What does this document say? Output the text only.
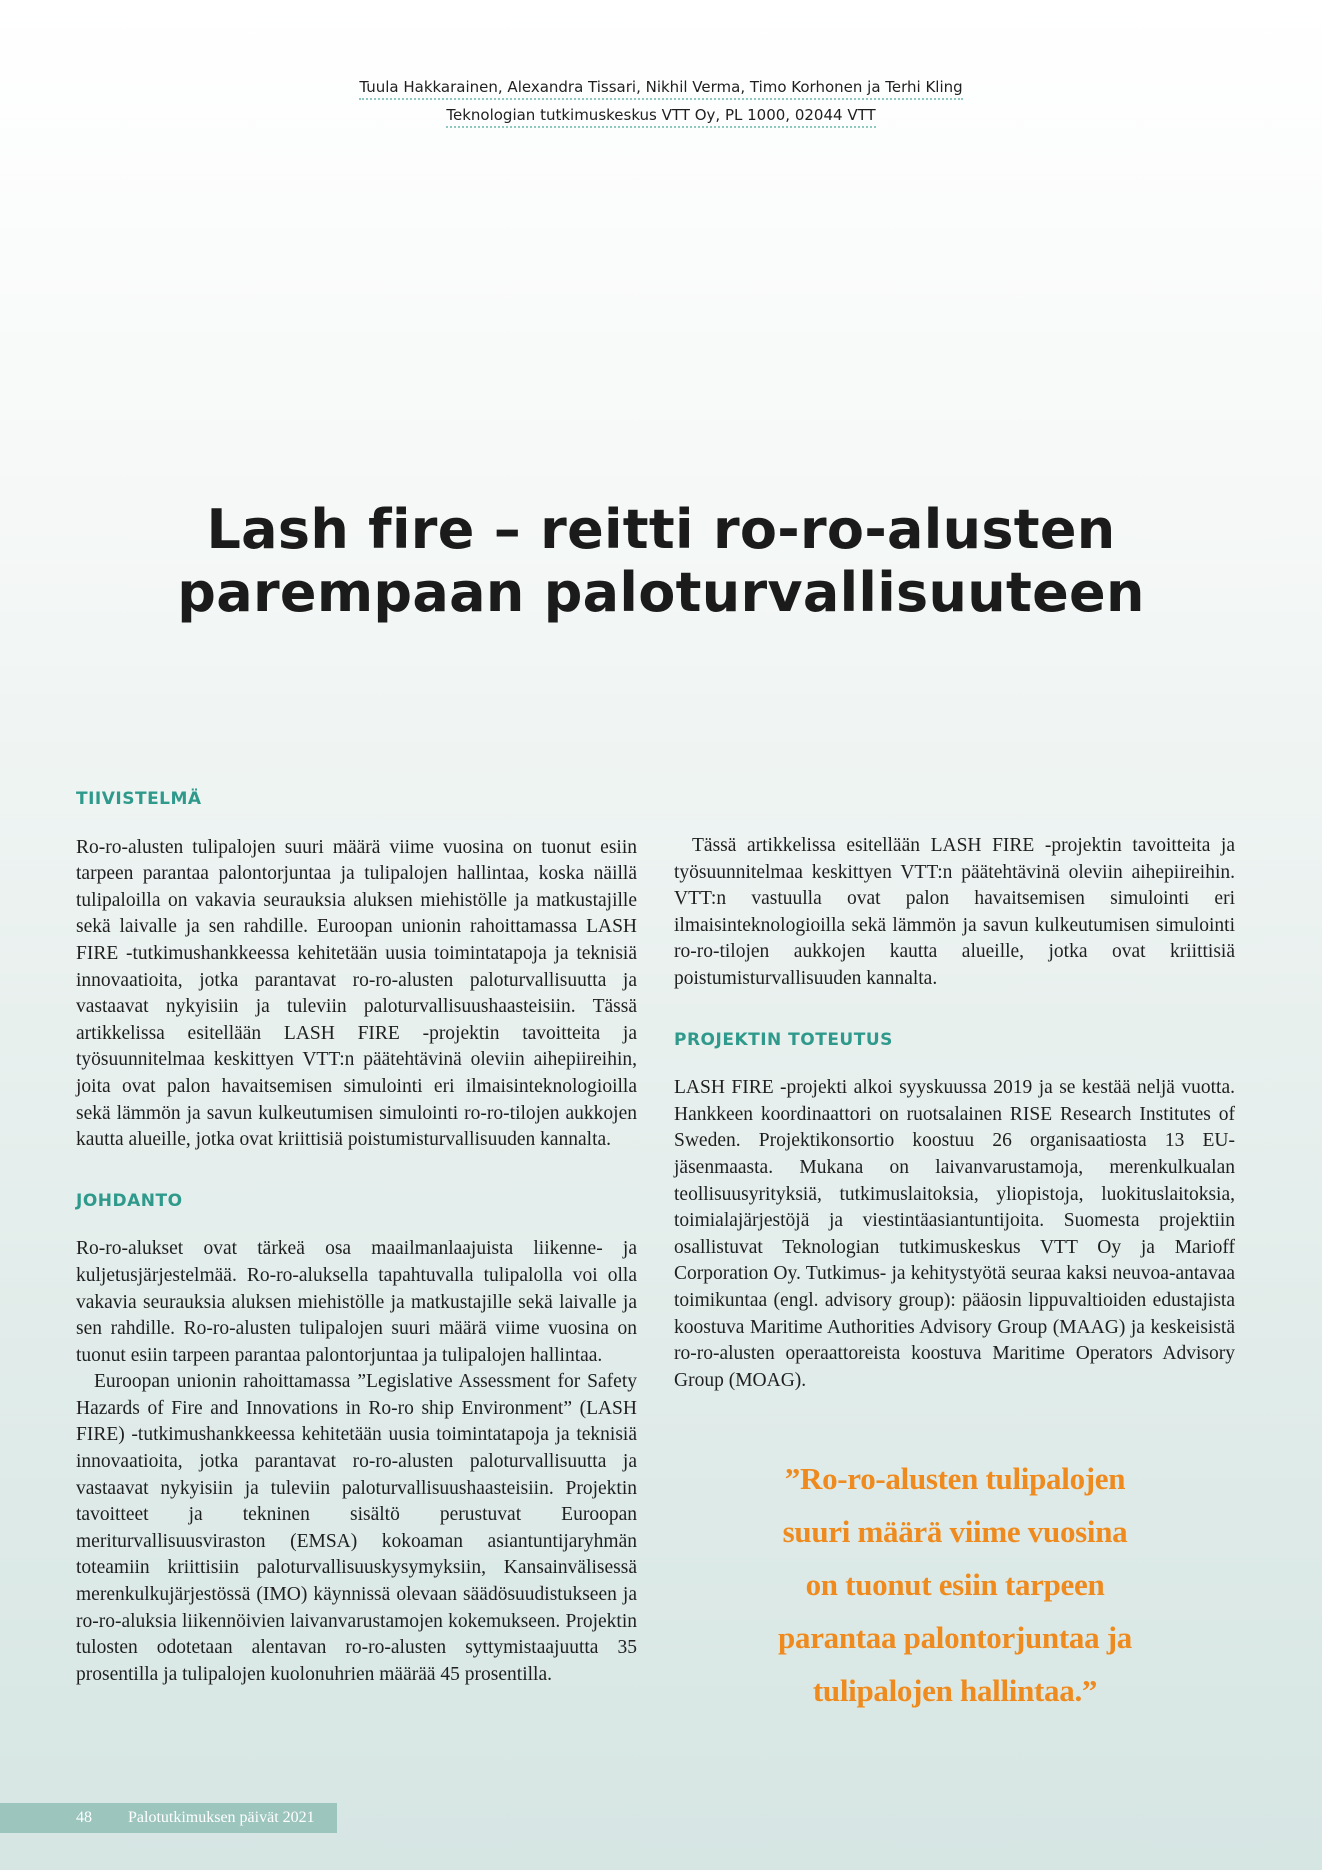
Tuula Hakkarainen, Alexandra Tissari, Nikhil Verma, Timo Korhonen ja Terhi Kling
Teknologian tutkimuskeskus VTT Oy, PL 1000, 02044 VTT
Lash fire – reitti ro-ro-alusten
parempaan paloturvallisuuteen
TIIVISTELMÄ

Ro-ro-alusten tulipalojen suuri määrä viime vuosina on tuonut esiin tarpeen parantaa palontorjuntaa ja tulipalojen hallintaa, koska näillä tulipaloilla on vakavia seurauksia aluksen miehistölle ja matkustajille sekä laivalle ja sen rahdille. Euroopan unionin rahoittamassa LASH FIRE -tutkimushankkeessa kehitetään uusia toimintatapoja ja teknisiä innovaatioita, jotka parantavat ro-ro-alusten paloturvallisuutta ja vastaavat nykyisiin ja tuleviin paloturvallisuushaasteisiin. Tässä artikkelissa esitellään LASH FIRE -projektin tavoitteita ja työsuunnitelmaa keskittyen VTT:n päätehtävinä oleviin aihepiireihin, joita ovat palon havaitsemisen simulointi eri ilmaisinteknologioilla sekä lämmön ja savun kulkeutumisen simulointi ro-ro-tilojen aukkojen kautta alueille, jotka ovat kriittisiä poistumisturvallisuuden kannalta.

JOHDANTO

Ro-ro-alukset ovat tärkeä osa maailmanlaajuista liikenne- ja kuljetusjärjestelmää. Ro-ro-aluksella tapahtuvalla tulipalolla voi olla vakavia seurauksia aluksen miehistölle ja matkustajille sekä laivalle ja sen rahdille. Ro-ro-alusten tulipalojen suuri määrä viime vuosina on tuonut esiin tarpeen parantaa palontorjuntaa ja tulipalojen hallintaa.

Euroopan unionin rahoittamassa ”Legislative Assessment for Safety Hazards of Fire and Innovations in Ro-ro ship Environment” (LASH FIRE) -tutkimushankkeessa kehitetään uusia toimintatapoja ja teknisiä innovaatioita, jotka parantavat ro-ro-alusten paloturvallisuutta ja vastaavat nykyisiin ja tuleviin paloturvallisuushaasteisiin. Projektin tavoitteet ja tekninen sisältö perustuvat Euroopan meriturvallisuusviraston (EMSA) kokoaman asiantuntijaryhmän toteamiin kriittisiin paloturvallisuuskysymyksiin, Kansainvälisessä merenkulkujärjestössä (IMO) käynnissä olevaan säädösuudistukseen ja ro-ro-aluksia liikennöivien laivanvarustamojen kokemukseen. Projektin tulosten odotetaan alentavan ro-ro-alusten syttymistaajuutta 35 prosentilla ja tulipalojen kuolonuhrien määrää 45 prosentilla.

Tässä artikkelissa esitellään LASH FIRE -projektin tavoitteita ja työsuunnitelmaa keskittyen VTT:n päätehtävinä oleviin aihepiireihin. VTT:n vastuulla ovat palon havaitsemisen simulointi eri ilmaisinteknologioilla sekä lämmön ja savun kulkeutumisen simulointi ro-ro-tilojen aukkojen kautta alueille, jotka ovat kriittisiä poistumisturvallisuuden kannalta.

PROJEKTIN TOTEUTUS

LASH FIRE -projekti alkoi syyskuussa 2019 ja se kestää neljä vuotta. Hankkeen koordinaattori on ruotsalainen RISE Research Institutes of Sweden. Projektikonsortio koostuu 26 organisaatiosta 13 EU-jäsenmaasta. Mukana on laivanvarustamoja, merenkulkualan teollisuusyrityksiä, tutkimuslaitoksia, yliopistoja, luokituslaitoksia, toimialajärjestöjä ja viestintäasiantuntijoita. Suomesta projektiin osallistuvat Teknologian tutkimuskeskus VTT Oy ja Marioff Corporation Oy. Tutkimus- ja kehitystyötä seuraa kaksi neuvoa-antavaa toimikuntaa (engl. advisory group): pääosin lippuvaltioiden edustajista koostuva Maritime Authorities Advisory Group (MAAG) ja keskeisistä ro-ro-alusten operaattoreista koostuva Maritime Operators Advisory Group (MOAG).

”Ro-ro-alusten tulipalojen
suuri määrä viime vuosina
on tuonut esiin tarpeen
parantaa palontorjuntaa ja
tulipalojen hallintaa.”
48 Palotutkimuksen päivät 2021
